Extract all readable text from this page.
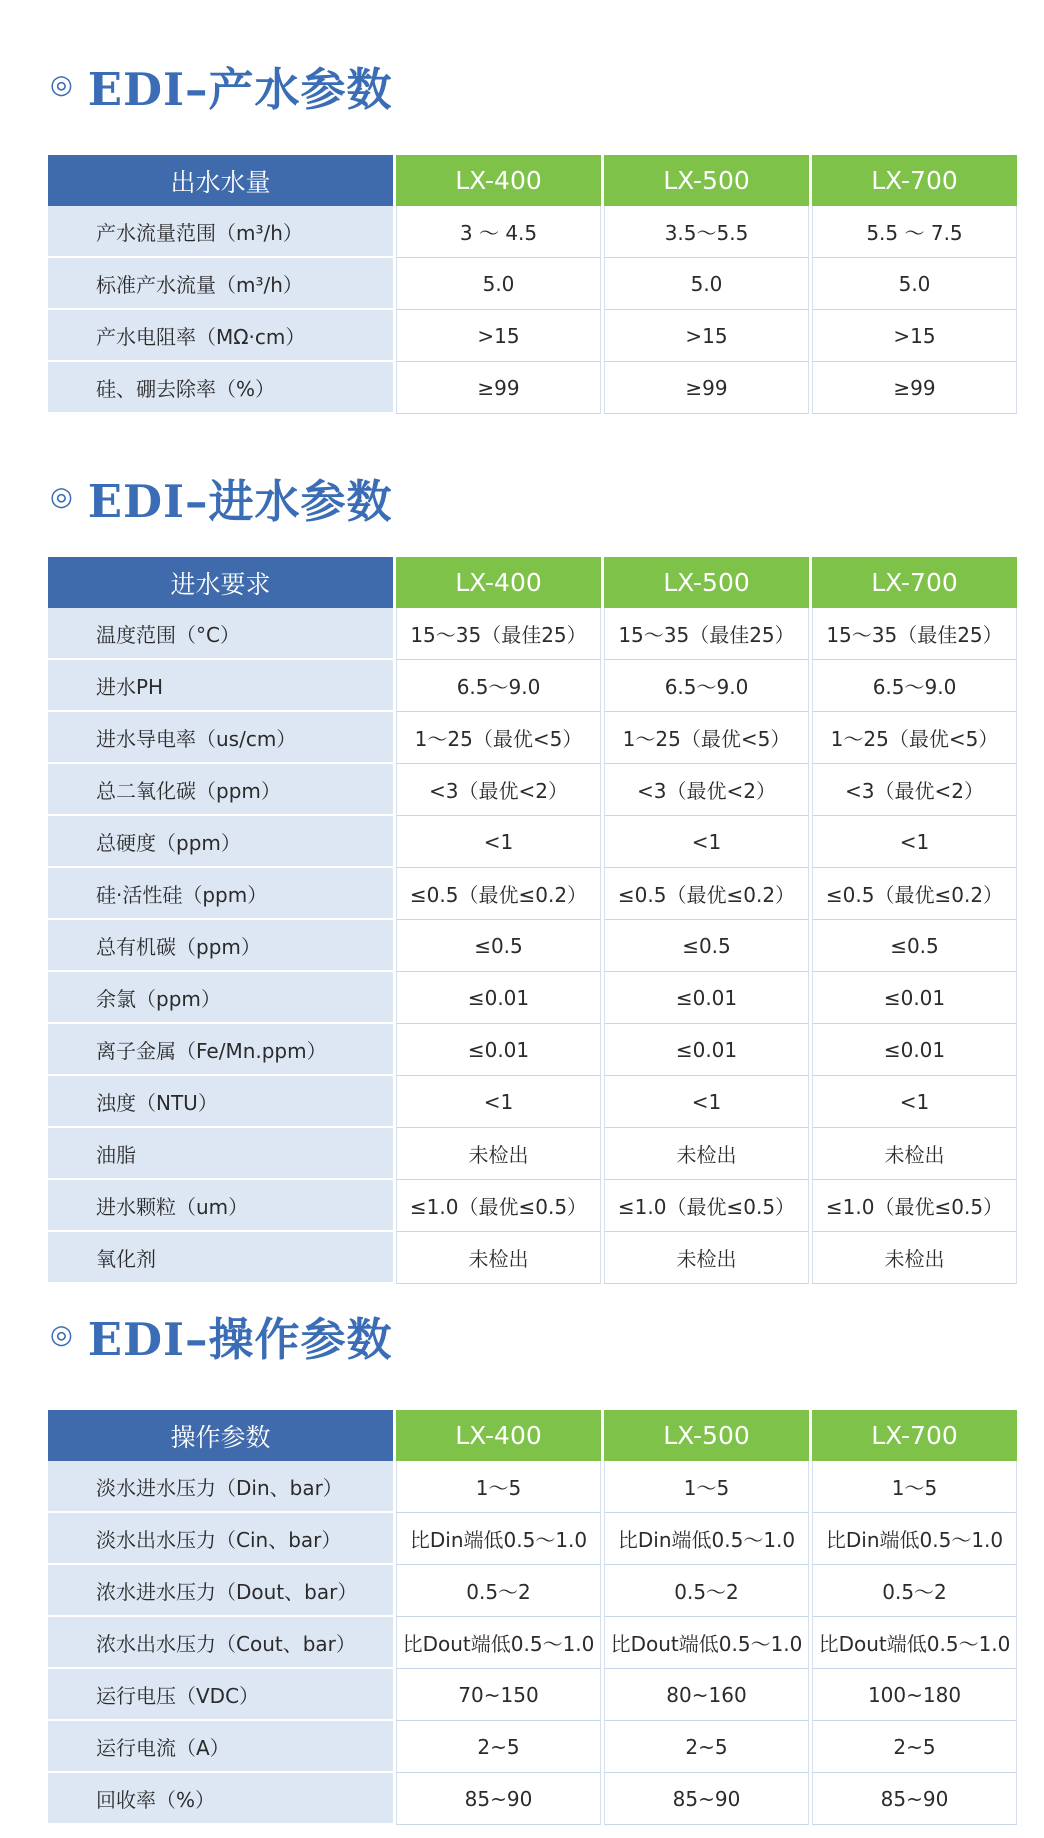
◎ EDI–产水参数
出水水量	LX-400	LX-500	LX-700
产水流量范围（m³/h）	3 ～ 4.5	3.5～5.5	5.5 ～ 7.5
标准产水流量（m³/h）	5.0	5.0	5.0
产水电阻率（MΩ·cm）	>15	>15	>15
硅、硼去除率（%）	≥99	≥99	≥99
◎ EDI–进水参数
进水要求	LX-400	LX-500	LX-700
温度范围（°C）	15～35（最佳25）	15～35（最佳25）	15～35（最佳25）
进水PH	6.5～9.0	6.5～9.0	6.5～9.0
进水导电率（us/cm）	1～25（最优<5）	1～25（最优<5）	1～25（最优<5）
总二氧化碳（ppm）	<3（最优<2）	<3（最优<2）	<3（最优<2）
总硬度（ppm）	<1	<1	<1
硅·活性硅（ppm）	≤0.5（最优≤0.2）	≤0.5（最优≤0.2）	≤0.5（最优≤0.2）
总有机碳（ppm）	≤0.5	≤0.5	≤0.5
余氯（ppm）	≤0.01	≤0.01	≤0.01
离子金属（Fe/Mn.ppm）	≤0.01	≤0.01	≤0.01
浊度（NTU）	<1	<1	<1
油脂	未检出	未检出	未检出
进水颗粒（um）	≤1.0（最优≤0.5）	≤1.0（最优≤0.5）	≤1.0（最优≤0.5）
氧化剂	未检出	未检出	未检出
◎ EDI–操作参数
操作参数	LX-400	LX-500	LX-700
淡水进水压力（Din、bar）	1～5	1～5	1～5
淡水出水压力（Cin、bar）	比Din端低0.5～1.0	比Din端低0.5～1.0	比Din端低0.5～1.0
浓水进水压力（Dout、bar）	0.5～2	0.5～2	0.5～2
浓水出水压力（Cout、bar）	比Dout端低0.5～1.0	比Dout端低0.5～1.0	比Dout端低0.5～1.0
运行电压（VDC）	70~150	80~160	100~180
运行电流（A）	2~5	2~5	2~5
回收率（%）	85~90	85~90	85~90
